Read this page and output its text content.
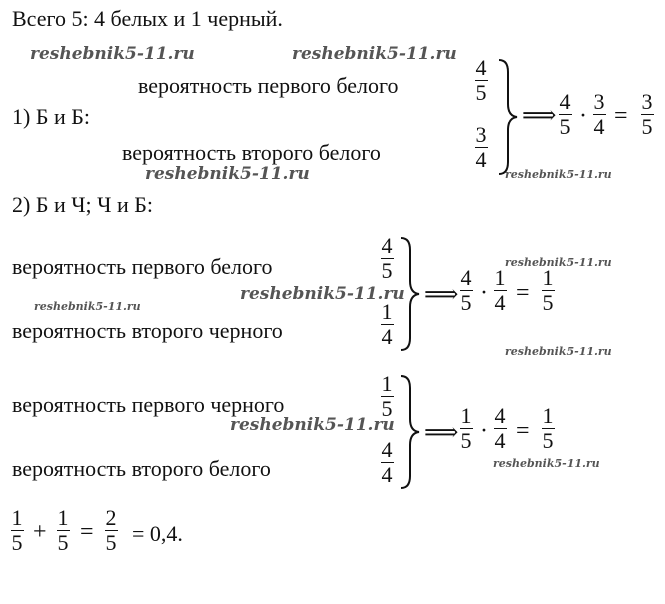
Всего 5: 4 белых и 1 черный.
reshebnik5-11.ru	reshebnik5-11.ru
reshebnik5-11.ru	reshebnik5-11.ru
reshebnik5-11.ru
reshebnik5-11.ru
reshebnik5-11.ru
reshebnik5-11.ru
reshebnik5-11.ru
reshebnik5-11.ru
1) Б и Б:
вероятность первого белого	$\frac{4}{5}$
вероятность второго белого	$\frac{3}{4}$
⟹ $\frac{4}{5} \cdot \frac{3}{4} = \frac{3}{5}$
2) Б и Ч; Ч и Б:
вероятность первого белого	$\frac{4}{5}$
вероятность второго черного	$\frac{1}{4}$
⟹ $\frac{4}{5} \cdot \frac{1}{4} = \frac{1}{5}$
вероятность первого черного	$\frac{1}{5}$
вероятность второго белого	$\frac{4}{4}$
⟹ $\frac{1}{5} \cdot \frac{4}{4} = \frac{1}{5}$
$\frac{1}{5} + \frac{1}{5} = \frac{2}{5} = 0,4$.
